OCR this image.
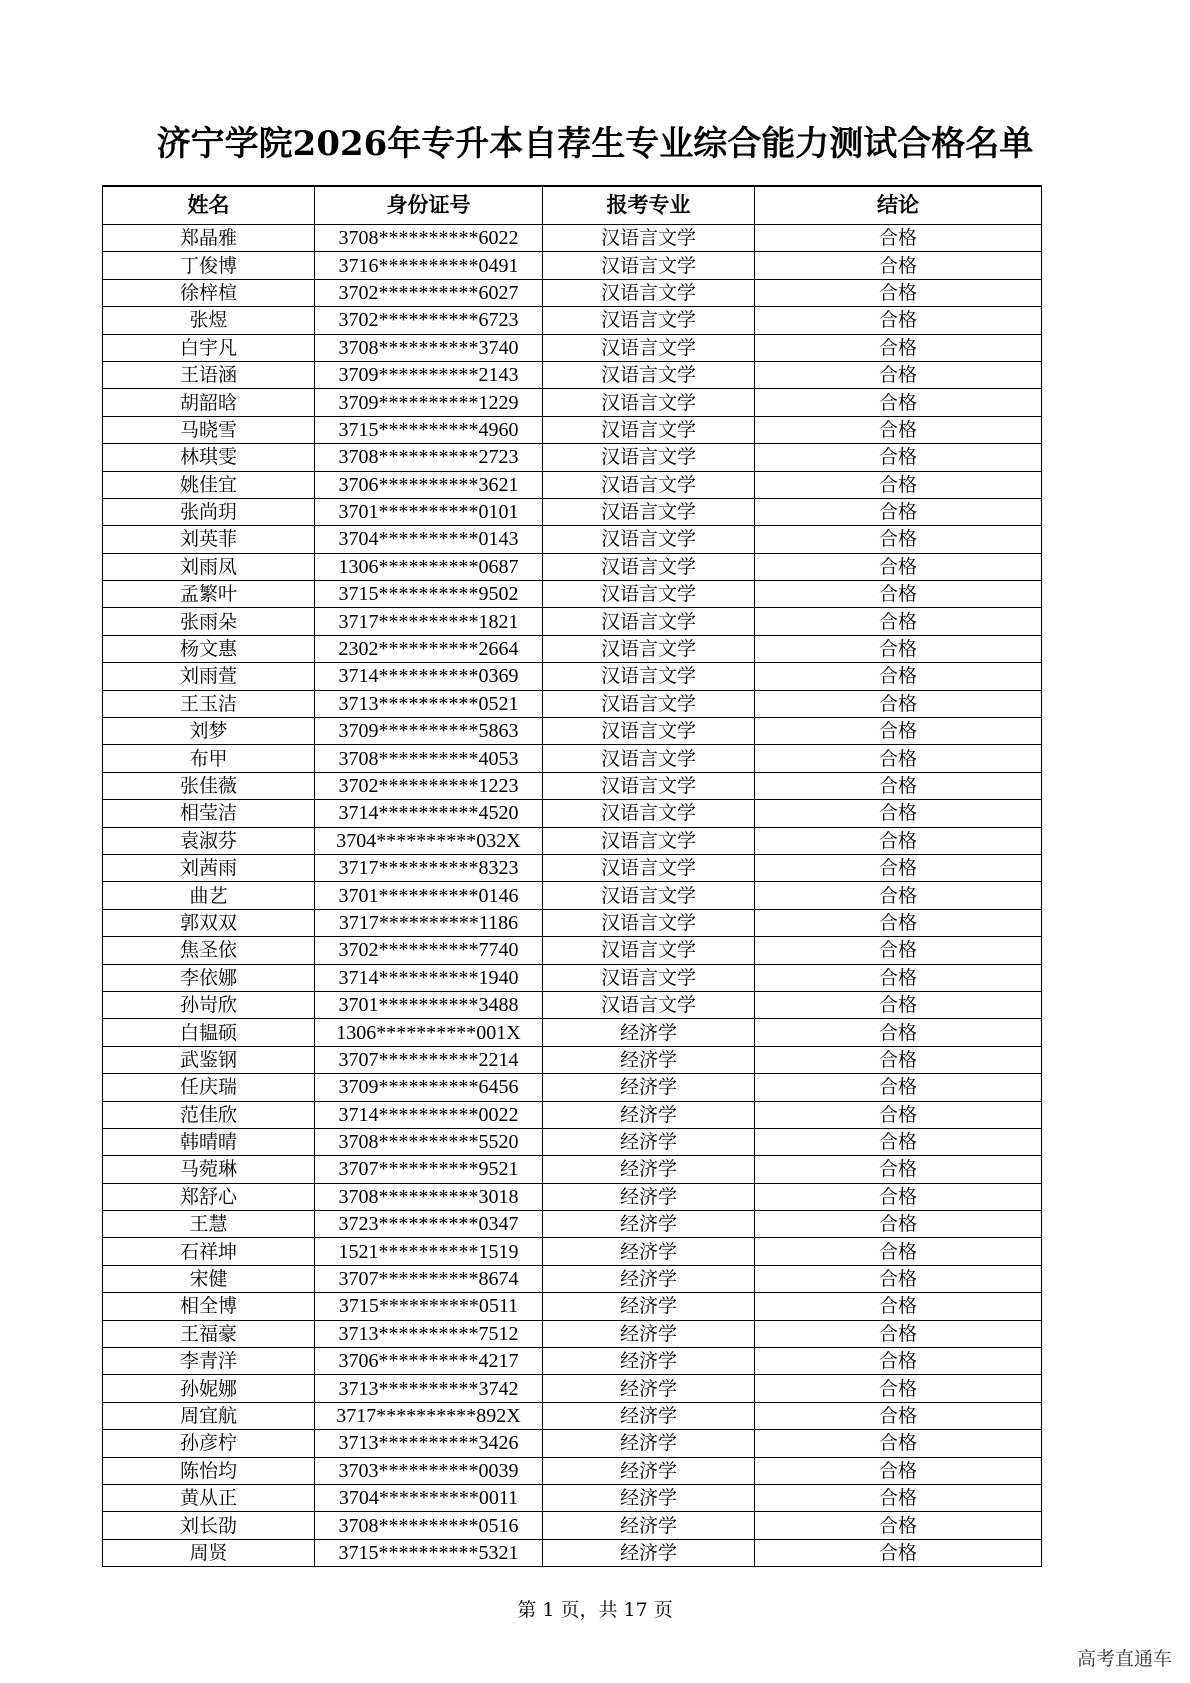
济宁学院2026年专升本自荐生专业综合能力测试合格名单
姓名	身份证号	报考专业	结论
郑晶雅	3708**********6022	汉语言文学	合格
丁俊博	3716**********0491	汉语言文学	合格
徐梓楦	3702**********6027	汉语言文学	合格
张煜	3702**********6723	汉语言文学	合格
白宇凡	3708**********3740	汉语言文学	合格
王语涵	3709**********2143	汉语言文学	合格
胡韶晗	3709**********1229	汉语言文学	合格
马晓雪	3715**********4960	汉语言文学	合格
林琪雯	3708**********2723	汉语言文学	合格
姚佳宜	3706**********3621	汉语言文学	合格
张尚玥	3701**********0101	汉语言文学	合格
刘英菲	3704**********0143	汉语言文学	合格
刘雨凤	1306**********0687	汉语言文学	合格
孟繁叶	3715**********9502	汉语言文学	合格
张雨朵	3717**********1821	汉语言文学	合格
杨文惠	2302**********2664	汉语言文学	合格
刘雨萱	3714**********0369	汉语言文学	合格
王玉洁	3713**********0521	汉语言文学	合格
刘梦	3709**********5863	汉语言文学	合格
布甲	3708**********4053	汉语言文学	合格
张佳薇	3702**********1223	汉语言文学	合格
相莹洁	3714**********4520	汉语言文学	合格
袁淑芬	3704**********032X	汉语言文学	合格
刘茜雨	3717**********8323	汉语言文学	合格
曲艺	3701**********0146	汉语言文学	合格
郭双双	3717**********1186	汉语言文学	合格
焦圣依	3702**********7740	汉语言文学	合格
李依娜	3714**********1940	汉语言文学	合格
孙岢欣	3701**********3488	汉语言文学	合格
白韫硕	1306**********001X	经济学	合格
武鉴钢	3707**********2214	经济学	合格
任庆瑞	3709**********6456	经济学	合格
范佳欣	3714**********0022	经济学	合格
韩晴晴	3708**********5520	经济学	合格
马菀琳	3707**********9521	经济学	合格
郑舒心	3708**********3018	经济学	合格
王慧	3723**********0347	经济学	合格
石祥坤	1521**********1519	经济学	合格
宋健	3707**********8674	经济学	合格
相全博	3715**********0511	经济学	合格
王福豪	3713**********7512	经济学	合格
李青洋	3706**********4217	经济学	合格
孙妮娜	3713**********3742	经济学	合格
周宜航	3717**********892X	经济学	合格
孙彦柠	3713**********3426	经济学	合格
陈怡均	3703**********0039	经济学	合格
黄从正	3704**********0011	经济学	合格
刘长劭	3708**********0516	经济学	合格
周贤	3715**********5321	经济学	合格
第 1 页，共 17 页
高考直通车
